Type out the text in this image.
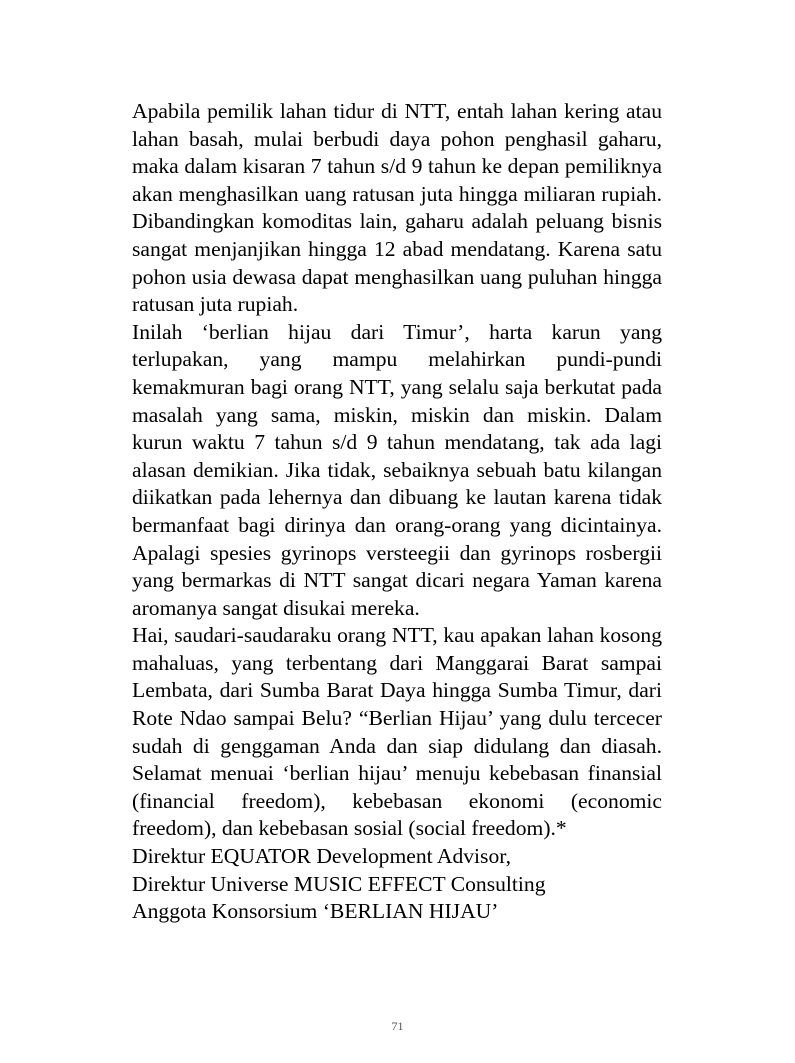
Apabila pemilik lahan tidur di NTT, entah lahan kering atau lahan basah, mulai berbudi daya pohon penghasil gaharu, maka dalam kisaran 7 tahun s/d 9 tahun ke depan pemiliknya akan menghasilkan uang ratusan juta hingga miliaran rupiah. Dibandingkan komoditas lain, gaharu adalah peluang bisnis sangat menjanjikan hingga 12 abad mendatang. Karena satu pohon usia dewasa dapat menghasilkan uang puluhan hingga ratusan juta rupiah.

Inilah ‘berlian hijau dari Timur’, harta karun yang terlupakan, yang mampu melahirkan pundi-pundi kemakmuran bagi orang NTT, yang selalu saja berkutat pada masalah yang sama, miskin, miskin dan miskin. Dalam kurun waktu 7 tahun s/d 9 tahun mendatang, tak ada lagi alasan demikian. Jika tidak, sebaiknya sebuah batu kilangan diikatkan pada lehernya dan dibuang ke lautan karena tidak bermanfaat bagi dirinya dan orang-orang yang dicintainya. Apalagi spesies gyrinops versteegii dan gyrinops rosbergii yang bermarkas di NTT sangat dicari negara Yaman karena aromanya sangat disukai mereka.

Hai, saudari-saudaraku orang NTT, kau apakan lahan kosong mahaluas, yang terbentang dari Manggarai Barat sampai Lembata, dari Sumba Barat Daya hingga Sumba Timur, dari Rote Ndao sampai Belu? “Berlian Hijau’ yang dulu tercecer sudah di genggaman Anda dan siap didulang dan diasah. Selamat menuai ‘berlian hijau’ menuju kebebasan finansial (financial freedom), kebebasan ekonomi (economic freedom), dan kebebasan sosial (social freedom).*

Direktur EQUATOR Development Advisor,

Direktur Universe MUSIC EFFECT Consulting

Anggota Konsorsium ‘BERLIAN HIJAU’

71
